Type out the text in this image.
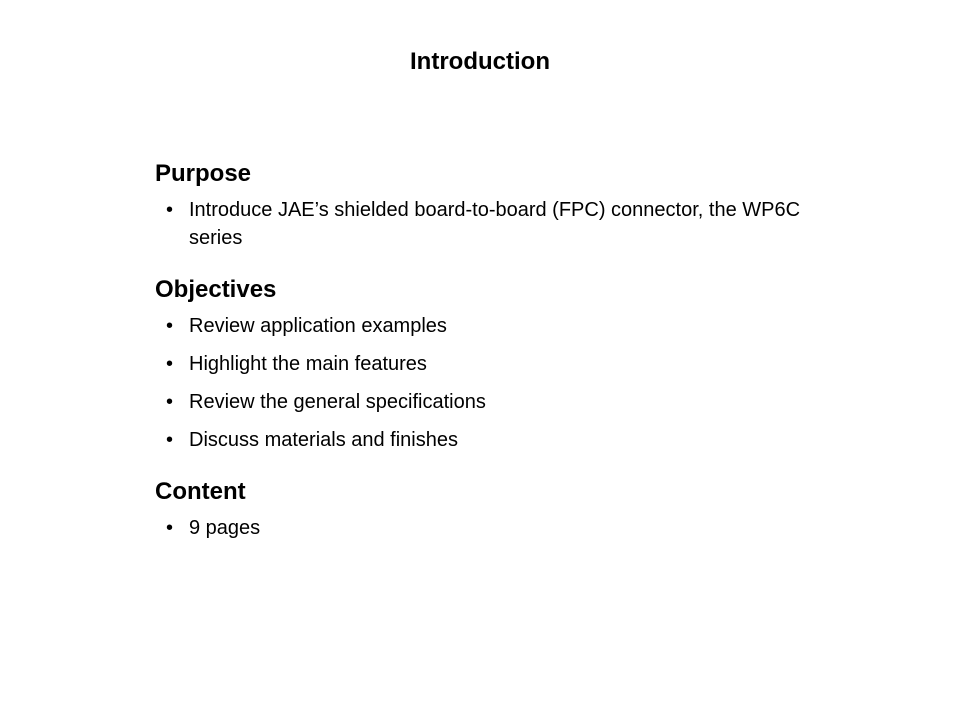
Introduction
Purpose
• Introduce JAE’s shielded board-to-board (FPC) connector, the WP6C series
Objectives
• Review application examples
• Highlight the main features
• Review the general specifications
• Discuss materials and finishes
Content
• 9 pages
